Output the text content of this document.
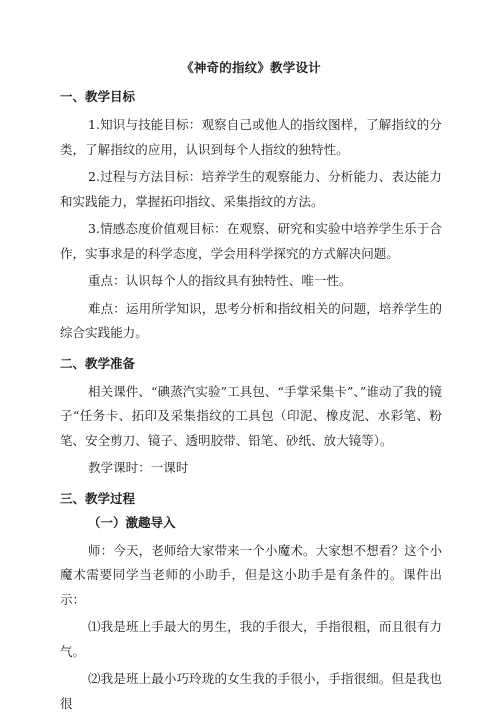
《神奇的指纹》教学设计
一、教学目标

1.知识与技能目标：观察自己或他人的指纹图样，了解指纹的分类，了解指纹的应用，认识到每个人指纹的独特性。

2.过程与方法目标：培养学生的观察能力、分析能力、表达能力和实践能力，掌握拓印指纹、采集指纹的方法。

3.情感态度价值观目标：在观察、研究和实验中培养学生乐于合作，实事求是的科学态度，学会用科学探究的方式解决问题。

重点：认识每个人的指纹具有独特性、唯一性。

难点：运用所学知识，思考分析和指纹相关的问题，培养学生的综合实践能力。

二、教学准备

相关课件、“碘蒸汽实验”工具包、“手掌采集卡”、”谁动了我的镜子“任务卡、拓印及采集指纹的工具包（印泥、橡皮泥、水彩笔、粉笔、安全剪刀、镜子、透明胶带、铅笔、砂纸、放大镜等）。

教学课时：一课时

三、教学过程
（一）激趣导入

师：今天，老师给大家带来一个小魔术。大家想不想看？这个小魔术需要同学当老师的小助手，但是这小助手是有条件的。课件出示：

⑴我是班上手最大的男生，我的手很大，手指很粗，而且很有力气。

⑵我是班上最小巧玲珑的女生我的手很小，手指很细。但是我也很
